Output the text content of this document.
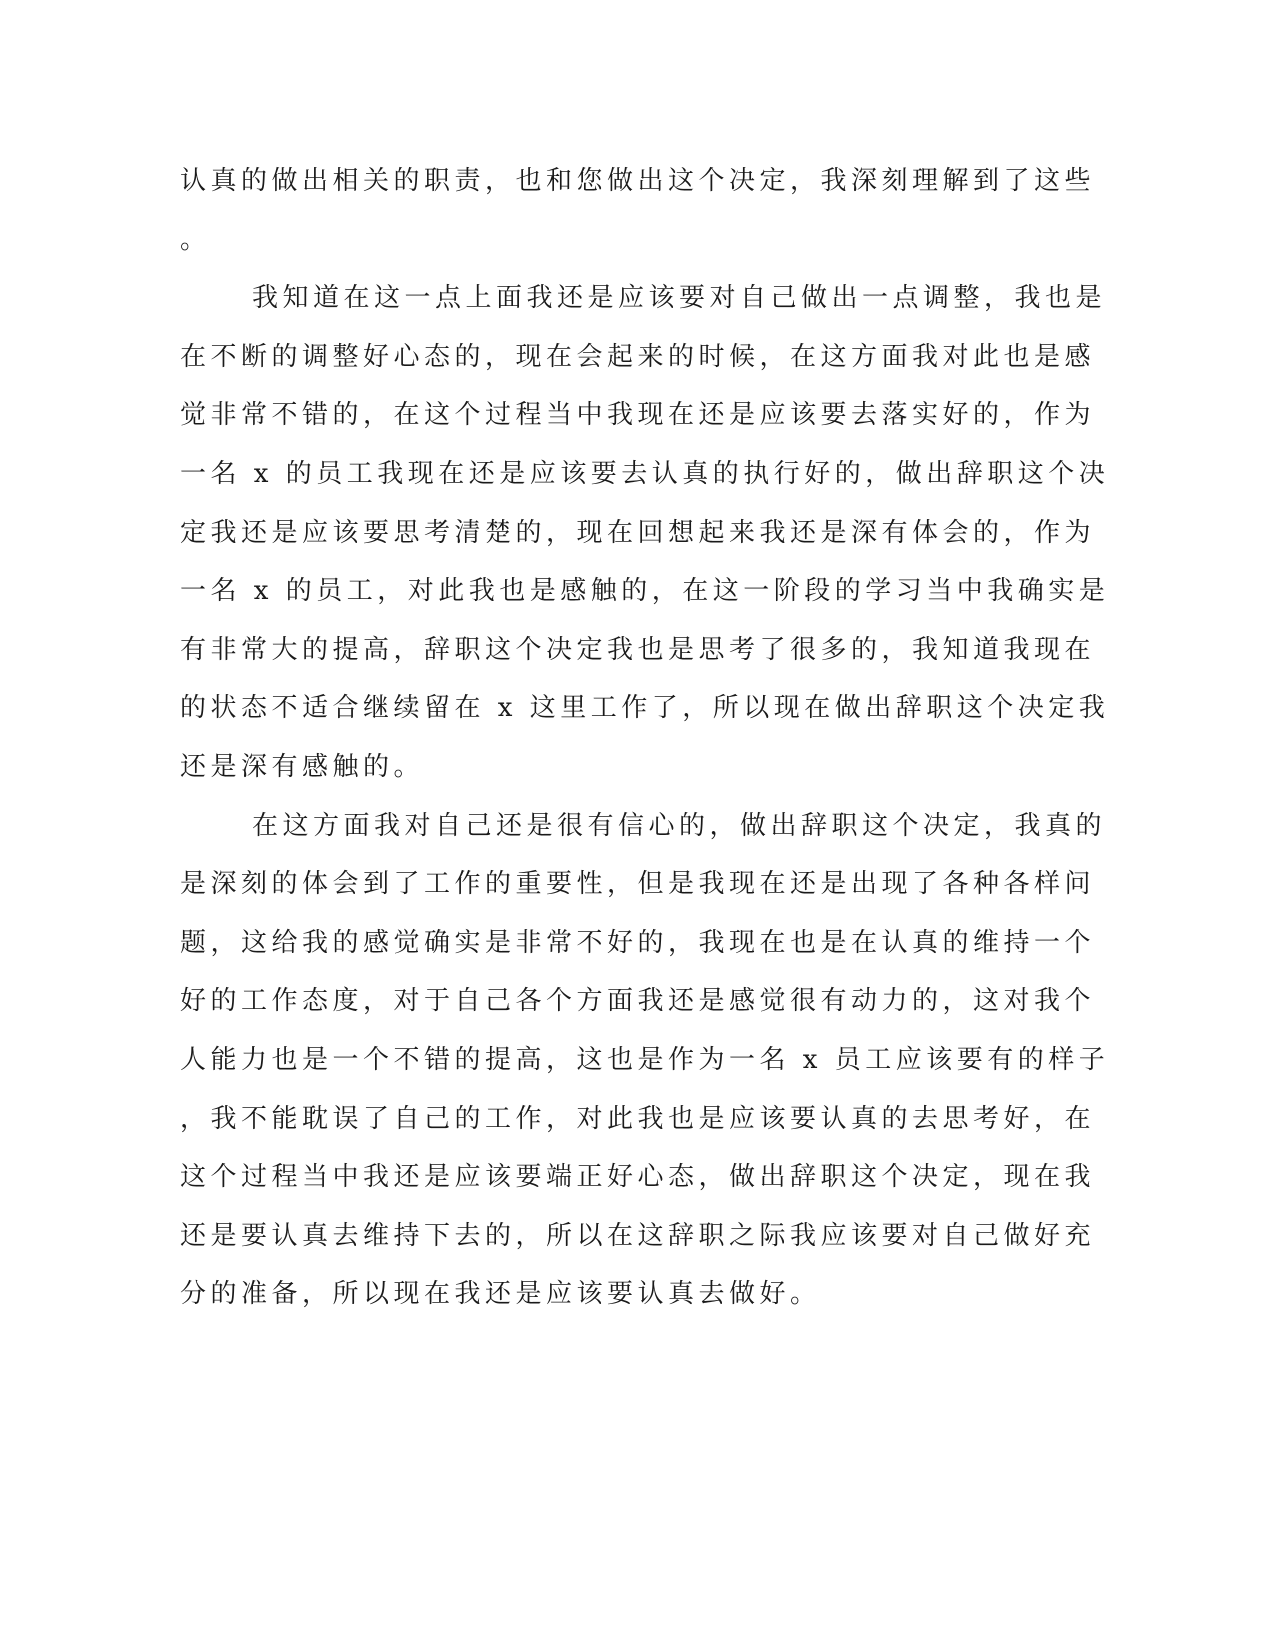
认真的做出相关的职责，也和您做出这个决定，我深刻理解到了这些
。
我知道在这一点上面我还是应该要对自己做出一点调整，我也是
在不断的调整好心态的，现在会起来的时候，在这方面我对此也是感
觉非常不错的，在这个过程当中我现在还是应该要去落实好的，作为
一名 x 的员工我现在还是应该要去认真的执行好的，做出辞职这个决
定我还是应该要思考清楚的，现在回想起来我还是深有体会的，作为
一名 x 的员工，对此我也是感触的，在这一阶段的学习当中我确实是
有非常大的提高，辞职这个决定我也是思考了很多的，我知道我现在
的状态不适合继续留在 x 这里工作了，所以现在做出辞职这个决定我
还是深有感触的。
在这方面我对自己还是很有信心的，做出辞职这个决定，我真的
是深刻的体会到了工作的重要性，但是我现在还是出现了各种各样问
题，这给我的感觉确实是非常不好的，我现在也是在认真的维持一个
好的工作态度，对于自己各个方面我还是感觉很有动力的，这对我个
人能力也是一个不错的提高，这也是作为一名 x 员工应该要有的样子
，我不能耽误了自己的工作，对此我也是应该要认真的去思考好，在
这个过程当中我还是应该要端正好心态，做出辞职这个决定，现在我
还是要认真去维持下去的，所以在这辞职之际我应该要对自己做好充
分的准备，所以现在我还是应该要认真去做好。
